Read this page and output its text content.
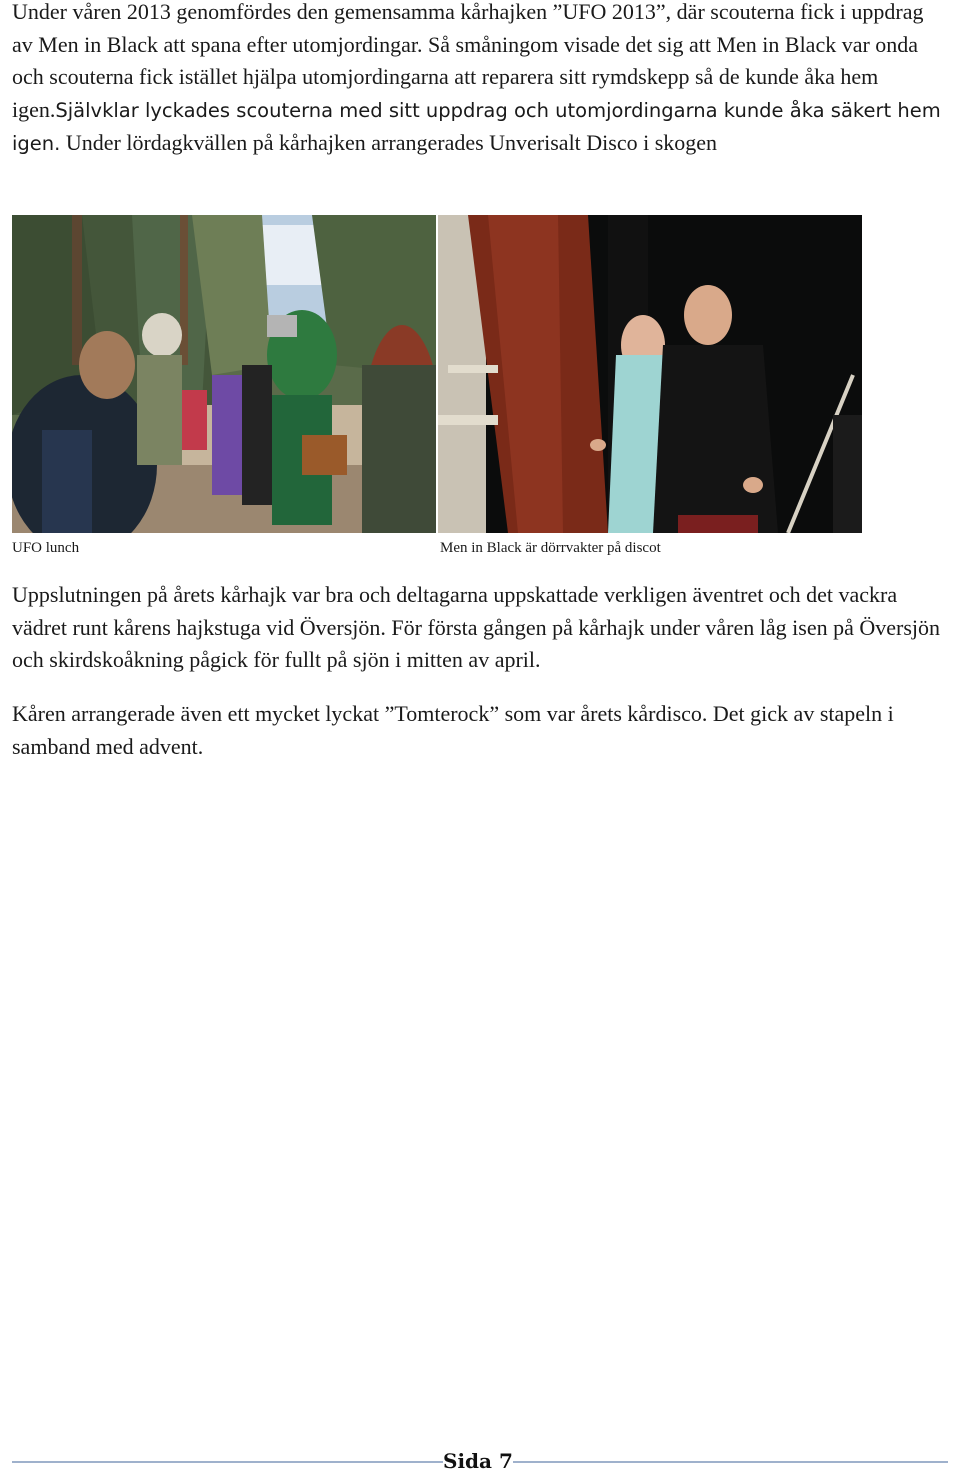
Under våren 2013 genomfördes den gemensamma kårhajken ”UFO 2013”, där scouterna fick i uppdrag av Men in Black att spana efter utomjordingar. Så småningom visade det sig att Men in Black var onda och scouterna fick istället hjälpa utomjordingarna att reparera sitt rymdskepp så de kunde åka hem igen.Självklar lyckades scouterna med sitt uppdrag och utomjordingarna kunde åka säkert hem igen. Under lördagkvällen på kårhajken arrangerades Unverisalt Disco i skogen

UFO lunch	Men in Black är dörrvakter på discot

Uppslutningen på årets kårhajk var bra och deltagarna uppskattade verkligen äventret och det vackra vädret runt kårens hajkstuga vid Översjön. För första gången på kårhajk under våren låg isen på Översjön och skirdskoåkning pågick för fullt på sjön i mitten av april.

Kåren arrangerade även ett mycket lyckat ”Tomterock” som var årets kårdisco. Det gick av stapeln i samband med advent.

Sida 7
